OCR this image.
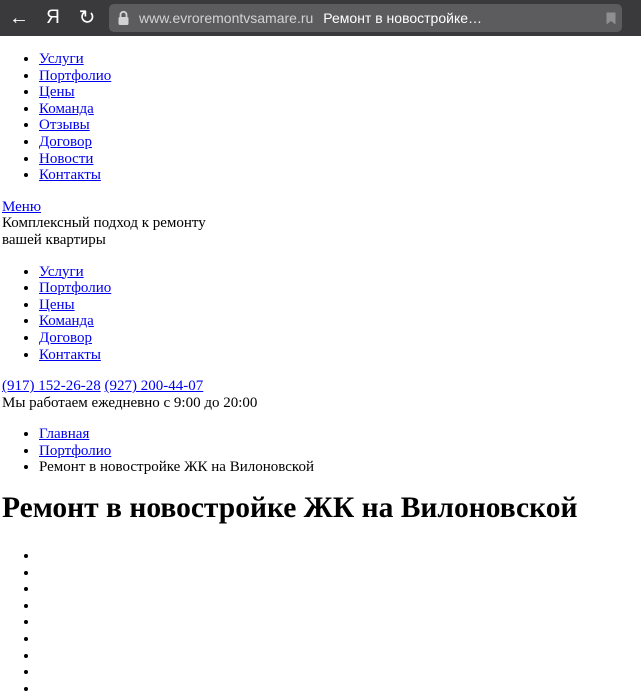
← Я ↻	www.evroremontvsamare.ru Ремонт в новостройке…
• Услуги
• Портфолио
• Цены
• Команда
• Отзывы
• Договор
• Новости
• Контакты
Меню
Комплексный подход к ремонту
вашей квартиры
• Услуги
• Портфолио
• Цены
• Команда
• Договор
• Контакты
(917) 152-26-28 (927) 200-44-07
Мы работаем ежедневно с 9:00 до 20:00
• Главная
• Портфолио
• Ремонт в новостройке ЖК на Вилоновской
Ремонт в новостройке ЖК на Вилоновской
•
•
•
•
•
•
•
•
•
